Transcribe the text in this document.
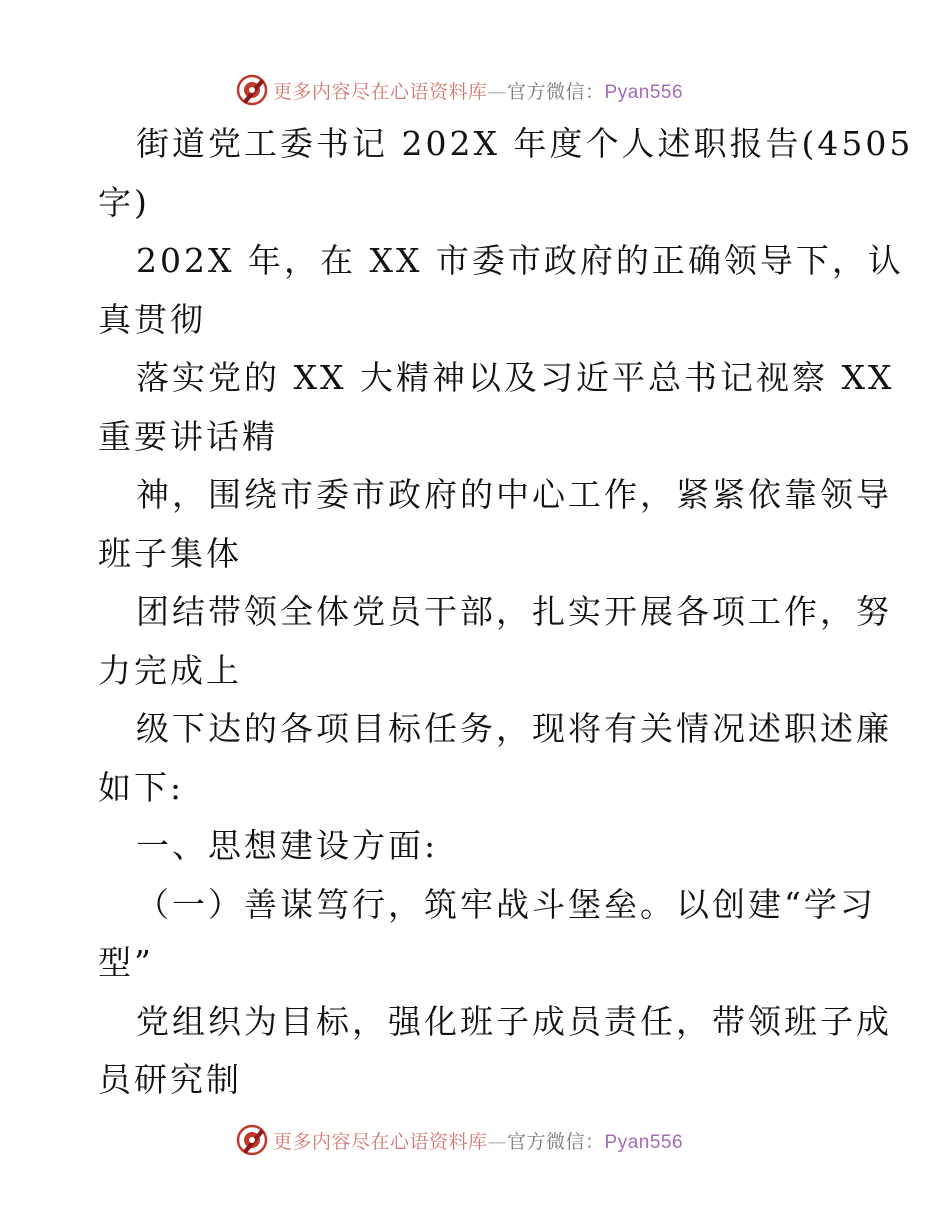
更多内容尽在心语资料库—官方微信：Pyan556

街道党工委书记 202X 年度个人述职报告(4505
字)

202X 年，在 XX 市委市政府的正确领导下，认
真贯彻

落实党的 XX 大精神以及习近平总书记视察 XX
重要讲话精

神，围绕市委市政府的中心工作，紧紧依靠领导
班子集体

团结带领全体党员干部，扎实开展各项工作，努
力完成上

级下达的各项目标任务，现将有关情况述职述廉
如下:

一、思想建设方面:

（一）善谋笃行，筑牢战斗堡垒。以创建“学习
型”

党组织为目标，强化班子成员责任，带领班子成
员研究制

更多内容尽在心语资料库—官方微信：Pyan556
